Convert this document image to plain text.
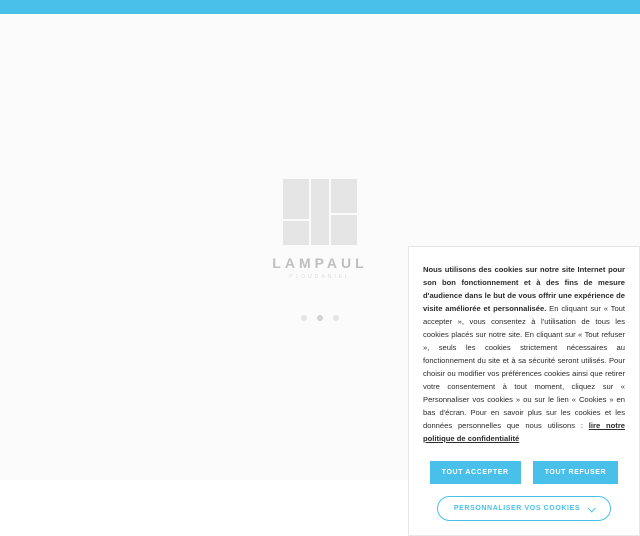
LAMPAUL
PLOUDANIEL

Nous utilisons des cookies sur notre site Internet pour son bon fonctionnement et à des fins de mesure d'audience dans le but de vous offrir une expérience de visite améliorée et personnalisée. En cliquant sur « Tout accepter », vous consentez à l'utilisation de tous les cookies placés sur notre site. En cliquant sur « Tout refuser », seuls les cookies strictement nécessaires au fonctionnement du site et à sa sécurité seront utilisés. Pour choisir ou modifier vos préférences cookies ainsi que retirer votre consentement à tout moment, cliquez sur « Personnaliser vos cookies » ou sur le lien « Cookies » en bas d'écran. Pour en savoir plus sur les cookies et les données personnelles que nous utilisons : lire notre politique de confidentialité

TOUT ACCEPTER	TOUT REFUSER
PERSONNALISER VOS COOKIES
